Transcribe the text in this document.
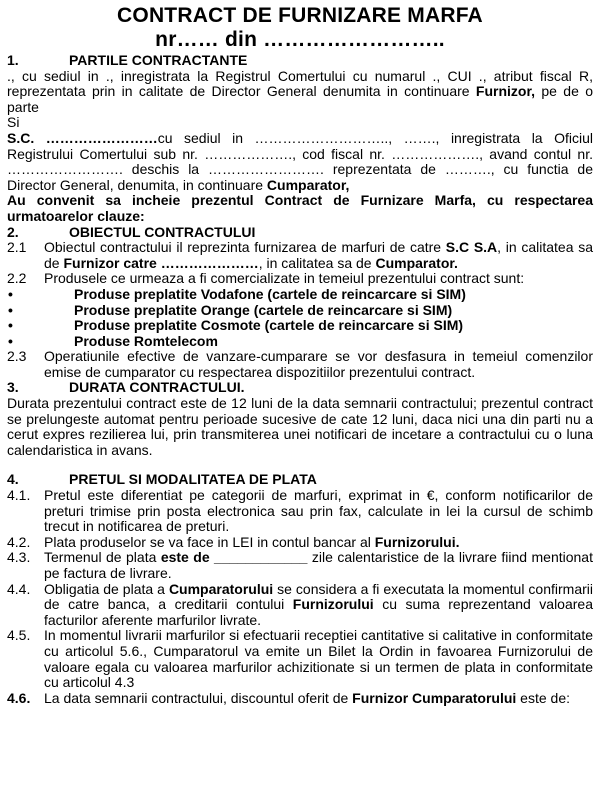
CONTRACT DE FURNIZARE MARFA
nr…… din ……………………..
1.	PARTILE CONTRACTANTE

., cu sediul in ., inregistrata la Registrul Comertului cu numarul ., CUI ., atribut fiscal R, reprezentata prin in calitate de Director General denumita in continuare Furnizor, pe de o parte

Si

S.C. ……………………cu sediul in ……………………….., ……., inregistrata la Oficiul Registrului Comertului sub nr. ………………., cod fiscal nr. ………………., avand contul nr. ……………………. deschis la ……………………. reprezentata de ………., cu functia de Director General, denumita, in continuare Cumparator,

Au convenit sa incheie prezentul Contract de Furnizare Marfa, cu respectarea urmatoarelor clauze:

2.	OBIECTUL CONTRACTULUI
2.1	Obiectul contractului il reprezinta furnizarea de marfuri de catre S.C S.A, in calitatea sa de Furnizor catre …………………, in calitatea sa de Cumparator.
2.2	Produsele ce urmeaza a fi comercializate in temeiul prezentului contract sunt:
•	Produse preplatite Vodafone (cartele de reincarcare si SIM)
•	Produse preplatite Orange (cartele de reincarcare si SIM)
•	Produse preplatite Cosmote (cartele de reincarcare si SIM)
•	Produse Romtelecom
2.3	Operatiunile efective de vanzare-cumparare se vor desfasura in temeiul comenzilor emise de cumparator cu respectarea dispozitiilor prezentului contract.
3.	DURATA CONTRACTULUI.

Durata prezentului contract este de 12 luni de la data semnarii contractului; prezentul contract se prelungeste automat pentru perioade sucesive de cate 12 luni, daca nici una din parti nu a cerut expres rezilierea lui, prin transmiterea unei notificari de incetare a contractului cu o luna calendaristica in avans.

4.	PRETUL SI MODALITATEA DE PLATA
4.1. Pretul este diferentiat pe categorii de marfuri, exprimat in €, conform notificarilor de preturi trimise prin posta electronica sau prin fax, calculate in lei la cursul de schimb trecut in notificarea de preturi.
4.2. Plata produselor se va face in LEI in contul bancar al Furnizorului.
4.3. Termenul de plata este de ____________ zile calentaristice de la livrare fiind mentionat pe factura de livrare.
4.4. Obligatia de plata a Cumparatorului se considera a fi executata la momentul confirmarii de catre banca, a creditarii contului Furnizorului cu suma reprezentand valoarea facturilor aferente marfurilor livrate.
4.5. In momentul livrarii marfurilor si efectuarii receptiei cantitative si calitative in conformitate cu articolul 5.6., Cumparatorul va emite un Bilet la Ordin in favoarea Furnizorului de valoare egala cu valoarea marfurilor achizitionate si un termen de plata in conformitate cu articolul 4.3
4.6. La data semnarii contractului, discountul oferit de Furnizor Cumparatorului este de:
